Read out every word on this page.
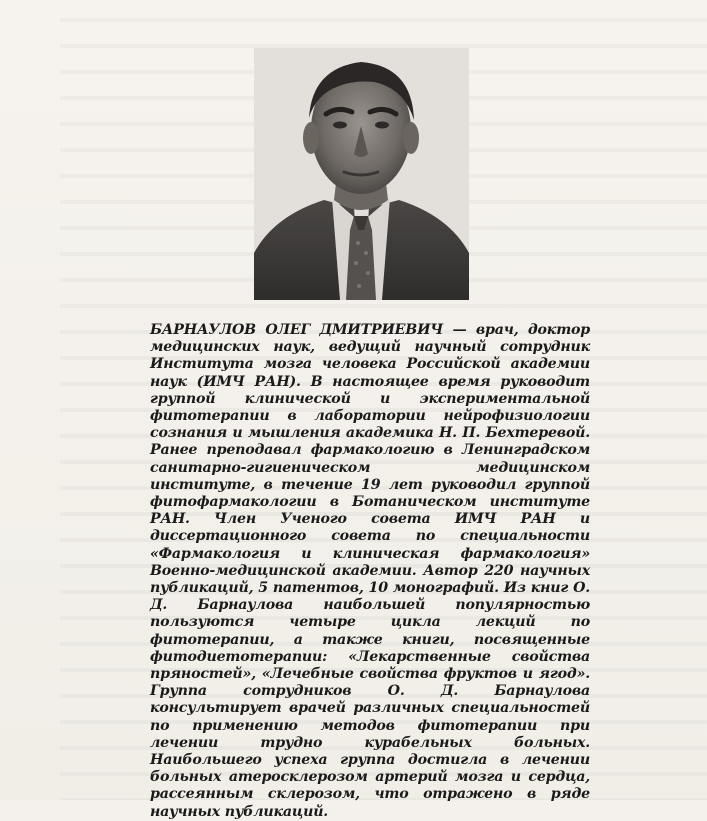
БАРНАУЛОВ ОЛЕГ ДМИТРИЕВИЧ — врач, доктор медицинских наук, ведущий научный сотрудник Института мозга человека Российской академии наук (ИМЧ РАН). В настоящее время руководит группой клинической и экспериментальной фитотерапии в лаборатории нейрофизиологии сознания и мышления академика Н. П. Бехтеревой. Ранее преподавал фармакологию в Ленинградском санитарно-гигиеническом медицинском институте, в течение 19 лет руководил группой фитофармакологии в Ботаническом институте РАН. Член Ученого совета ИМЧ РАН и диссертационного совета по специальности «Фармакология и клиническая фармакология» Военно-медицинской академии. Автор 220 научных публикаций, 5 патентов, 10 монографий. Из книг О. Д. Барнаулова наибольшей популярностью пользуются четыре цикла лекций по фитотерапии, а также книги, посвященные фитодиетотерапии: «Лекарственные свойства пряностей», «Лечебные свойства фруктов и ягод». Группа сотрудников О. Д. Барнаулова консультирует врачей различных специальностей по применению методов фитотерапии при лечении трудно курабельных больных. Наибольшего успеха группа достигла в лечении больных атеросклерозом артерий мозга и сердца, рассеянным склерозом, что отражено в ряде научных публикаций.
